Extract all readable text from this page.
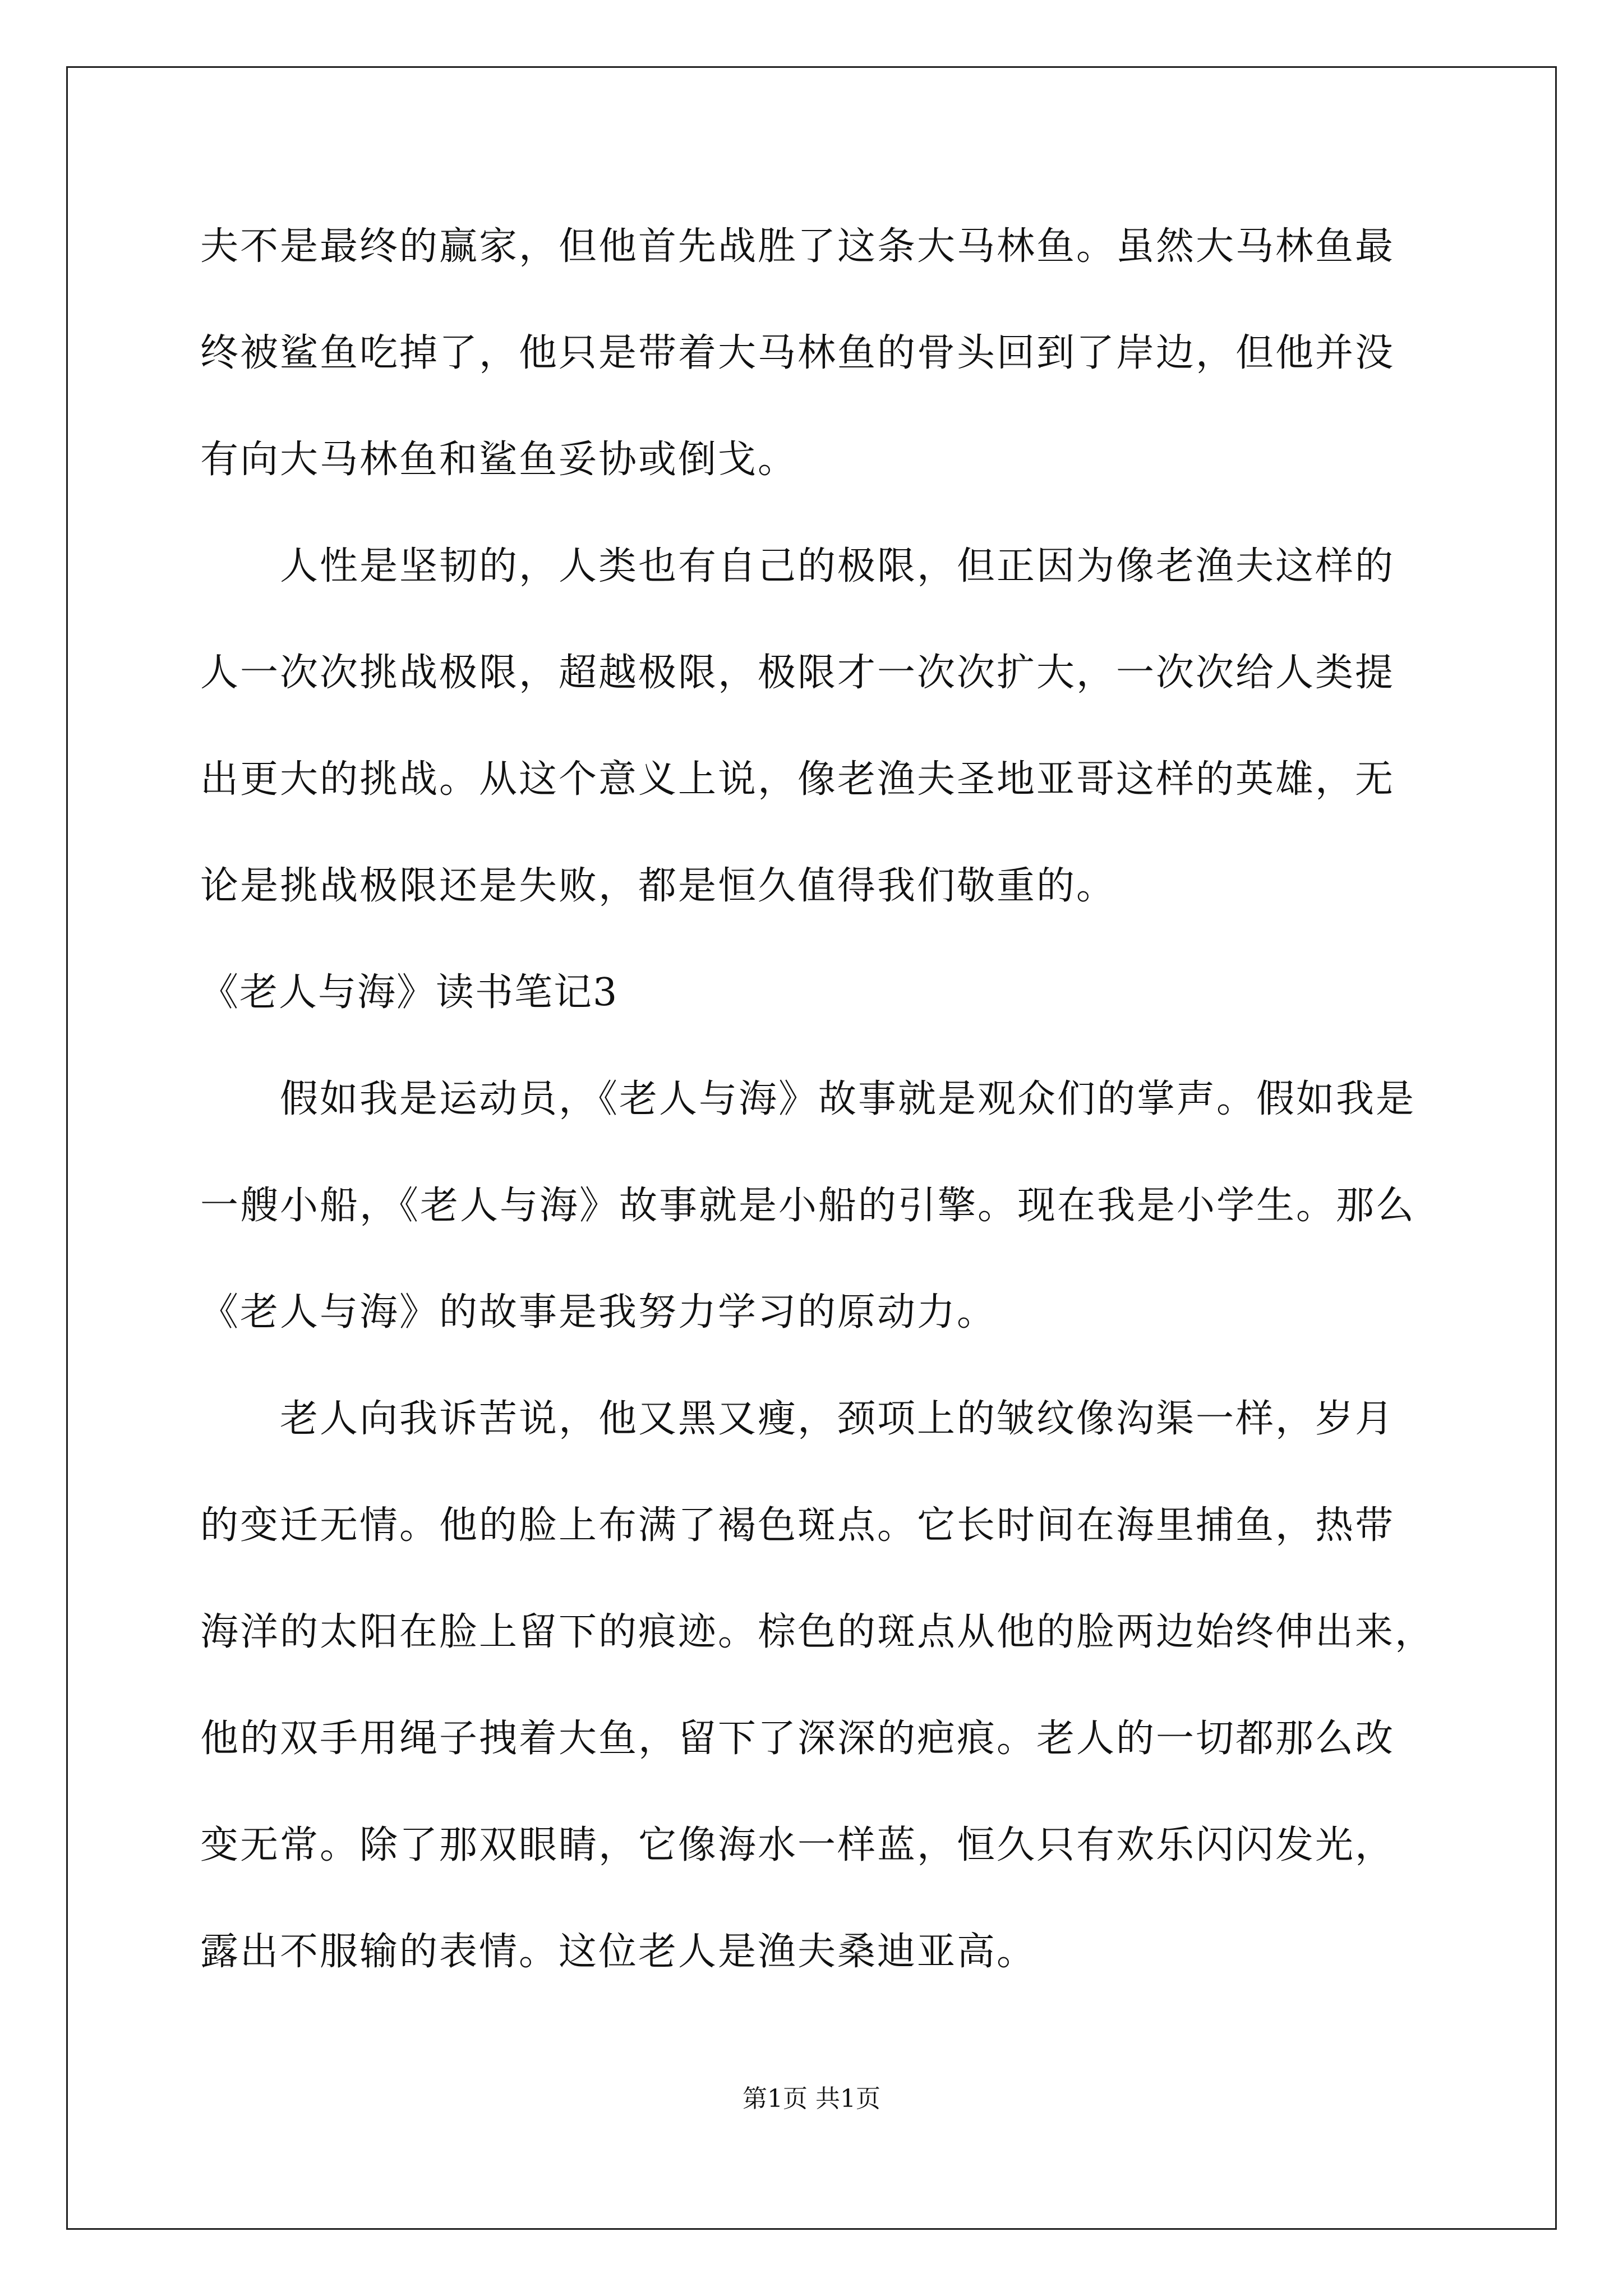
夫不是最终的赢家，但他首先战胜了这条大马林鱼。虽然大马林鱼最
终被鲨鱼吃掉了，他只是带着大马林鱼的骨头回到了岸边，但他并没
有向大马林鱼和鲨鱼妥协或倒戈。
人性是坚韧的，人类也有自己的极限，但正因为像老渔夫这样的
人一次次挑战极限，超越极限，极限才一次次扩大，一次次给人类提
出更大的挑战。从这个意义上说，像老渔夫圣地亚哥这样的英雄，无
论是挑战极限还是失败，都是恒久值得我们敬重的。
《老人与海》读书笔记3
假如我是运动员，《老人与海》故事就是观众们的掌声。假如我是
一艘小船，《老人与海》故事就是小船的引擎。现在我是小学生。那么
《老人与海》的故事是我努力学习的原动力。
老人向我诉苦说，他又黑又瘦，颈项上的皱纹像沟渠一样，岁月
的变迁无情。他的脸上布满了褐色斑点。它长时间在海里捕鱼，热带
海洋的太阳在脸上留下的痕迹。棕色的斑点从他的脸两边始终伸出来，
他的双手用绳子拽着大鱼，留下了深深的疤痕。老人的一切都那么改
变无常。除了那双眼睛，它像海水一样蓝，恒久只有欢乐闪闪发光，
露出不服输的表情。这位老人是渔夫桑迪亚高。
第1页 共1页
